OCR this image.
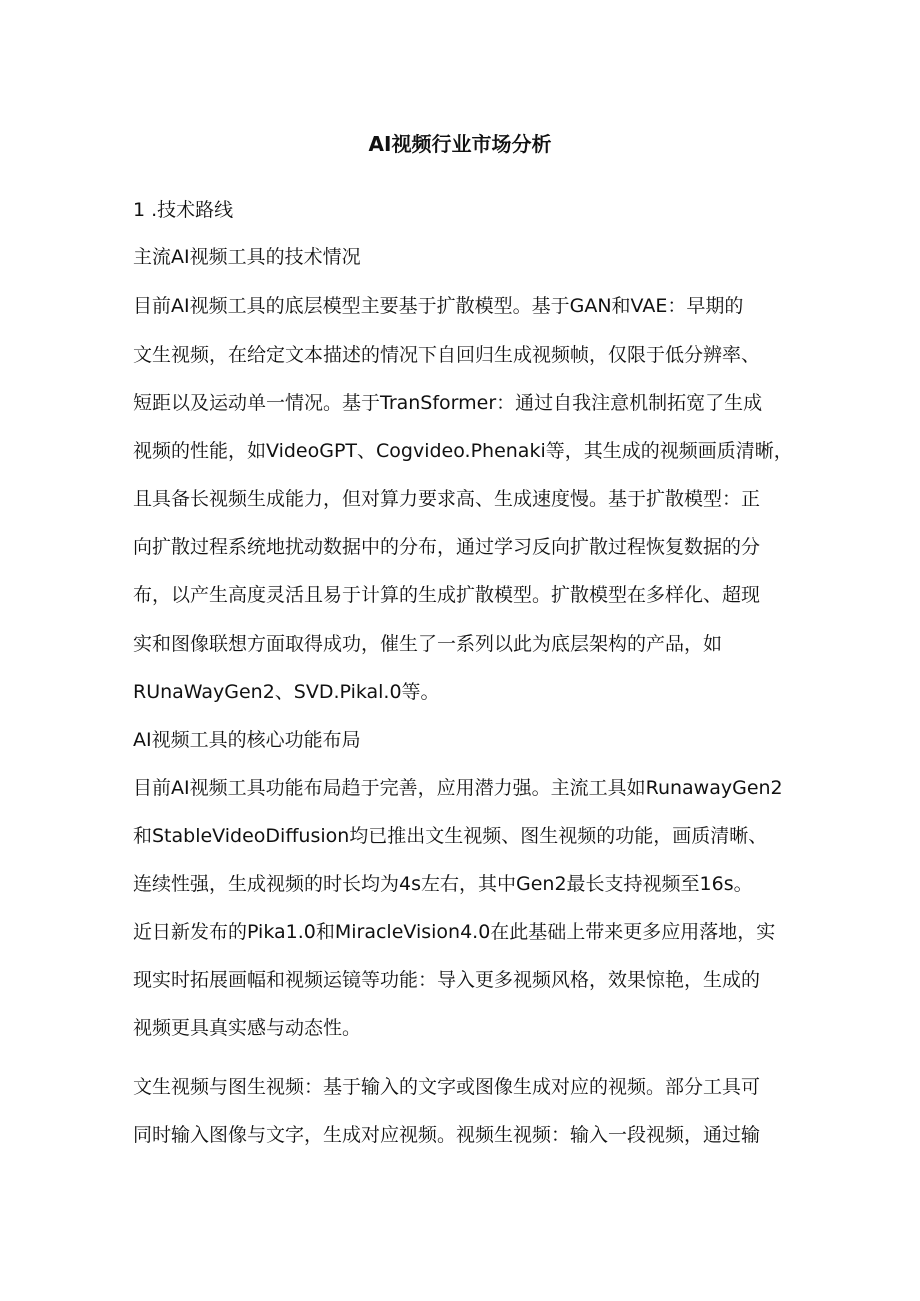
AI视频行业市场分析
1 .技术路线
主流AI视频工具的技术情况
目前AI视频工具的底层模型主要基于扩散模型。基于GAN和VAE：早期的
文生视频，在给定文本描述的情况下自回归生成视频帧，仅限于低分辨率、
短距以及运动单一情况。基于TranSformer：通过自我注意机制拓宽了生成
视频的性能，如VideoGPT、Cogvideo.Phenaki等，其生成的视频画质清晰，
且具备长视频生成能力，但对算力要求高、生成速度慢。基于扩散模型：正
向扩散过程系统地扰动数据中的分布，通过学习反向扩散过程恢复数据的分
布，以产生高度灵活且易于计算的生成扩散模型。扩散模型在多样化、超现
实和图像联想方面取得成功，催生了一系列以此为底层架构的产品，如
RUnaWayGen2、SVD.Pikal.0等。
AI视频工具的核心功能布局
目前AI视频工具功能布局趋于完善，应用潜力强。主流工具如RunawayGen2
和StableVideoDiffusion均已推出文生视频、图生视频的功能，画质清晰、
连续性强，生成视频的时长均为4s左右，其中Gen2最长支持视频至16s。
近日新发布的Pika1.0和MiracleVision4.0在此基础上带来更多应用落地，实
现实时拓展画幅和视频运镜等功能：导入更多视频风格，效果惊艳，生成的
视频更具真实感与动态性。
文生视频与图生视频：基于输入的文字或图像生成对应的视频。部分工具可
同时输入图像与文字，生成对应视频。视频生视频：输入一段视频，通过输
